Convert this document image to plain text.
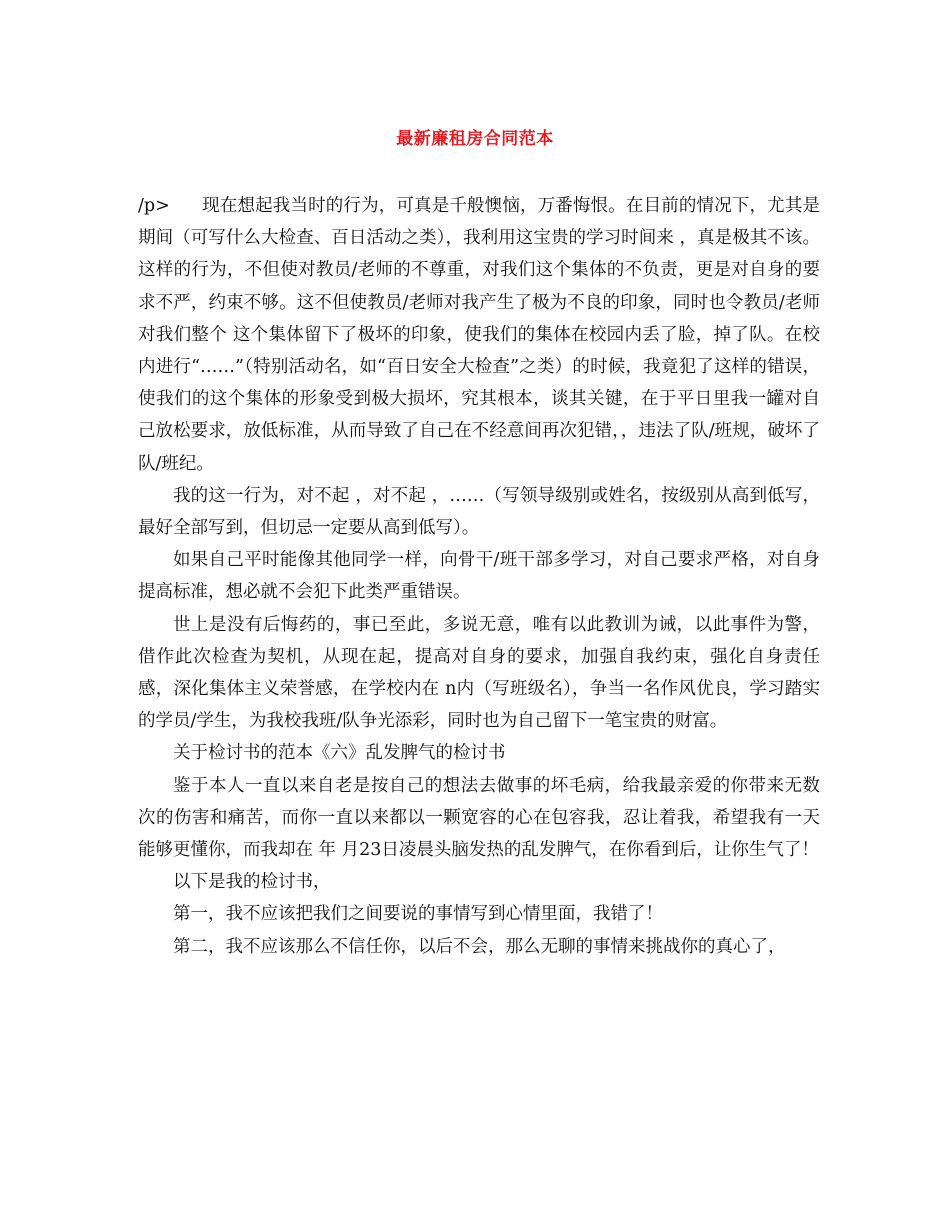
最新廉租房合同范本

/p> 现在想起我当时的行为，可真是千般懊恼，万番悔恨。在目前的情况下，尤其是 期间（可写什么大检查、百日活动之类），我利用这宝贵的学习时间来 ，真是极其不该。这样的行为，不但使对教员/老师的不尊重，对我们这个集体的不负责，更是对自身的要求不严，约束不够。这不但使教员/老师对我产生了极为不良的印象，同时也令教员/老师对我们整个 这个集体留下了极坏的印象，使我们的集体在校园内丢了脸，掉了队。在校内进行“……”（特别活动名，如“百日安全大检查”之类）的时候，我竟犯了这样的错误，使我们的这个集体的形象受到极大损坏，究其根本，谈其关键，在于平日里我一罐对自己放松要求，放低标准，从而导致了自己在不经意间再次犯错，，违法了队/班规，破坏了队/班纪。

我的这一行为，对不起 ，对不起 ，……（写领导级别或姓名，按级别从高到低写，最好全部写到，但切忌一定要从高到低写）。

如果自己平时能像其他同学一样，向骨干/班干部多学习，对自己要求严格，对自身提高标准，想必就不会犯下此类严重错误。

世上是没有后悔药的，事已至此，多说无意，唯有以此教训为诫，以此事件为警，借作此次检查为契机，从现在起，提高对自身的要求，加强自我约束，强化自身责任感，深化集体主义荣誉感，在学校内在 n内（写班级名），争当一名作风优良，学习踏实的学员/学生，为我校我班/队争光添彩，同时也为自己留下一笔宝贵的财富。

关于检讨书的范本《六》乱发脾气的检讨书

鉴于本人一直以来自老是按自己的想法去做事的坏毛病，给我最亲爱的你带来无数次的伤害和痛苦，而你一直以来都以一颗宽容的心在包容我，忍让着我，希望我有一天能够更懂你，而我却在 年 月23日凌晨头脑发热的乱发脾气，在你看到后，让你生气了！

以下是我的检讨书，

第一，我不应该把我们之间要说的事情写到心情里面，我错了！

第二，我不应该那么不信任你，以后不会，那么无聊的事情来挑战你的真心了，
